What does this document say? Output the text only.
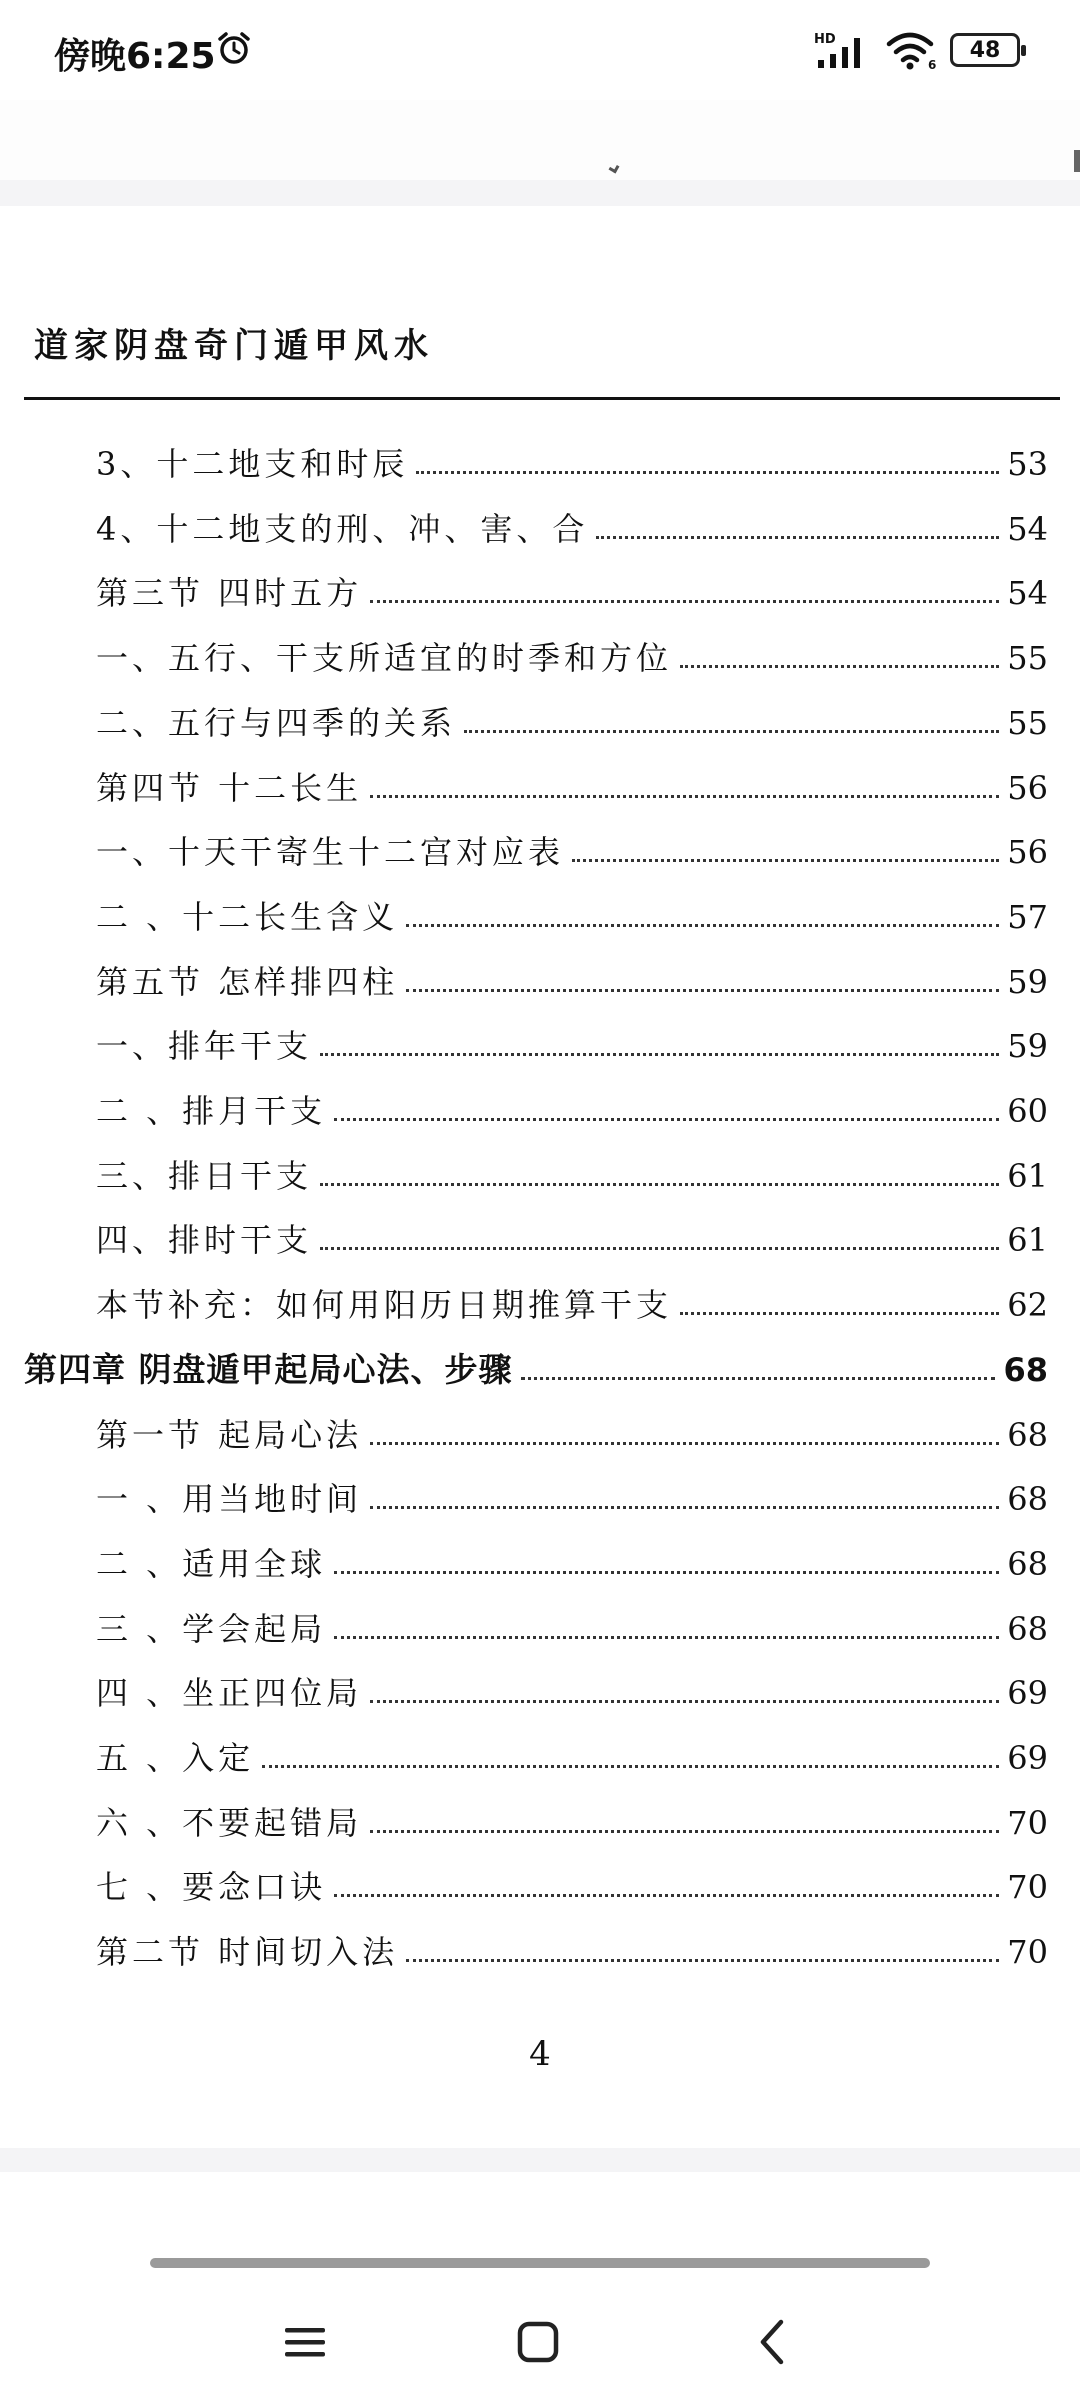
傍晚6:25	HD
6
48
道家阴盘奇门遁甲风水
3、十二地支和时辰	53
4、十二地支的刑、冲、害、合	54
第三节 四时五方	54
一、五行、干支所适宜的时季和方位	55
二、五行与四季的关系	55
第四节 十二长生	56
一、十天干寄生十二宫对应表	56
二 、十二长生含义	57
第五节 怎样排四柱	59
一、排年干支	59
二 、排月干支	60
三、排日干支	61
四、排时干支	61
本节补充：如何用阳历日期推算干支	62
第四章 阴盘遁甲起局心法、步骤	68
第一节 起局心法	68
一 、用当地时间	68
二 、适用全球	68
三 、学会起局	68
四 、坐正四位局	69
五 、入定	69
六 、不要起错局	70
七 、要念口诀	70
第二节 时间切入法	70
4
